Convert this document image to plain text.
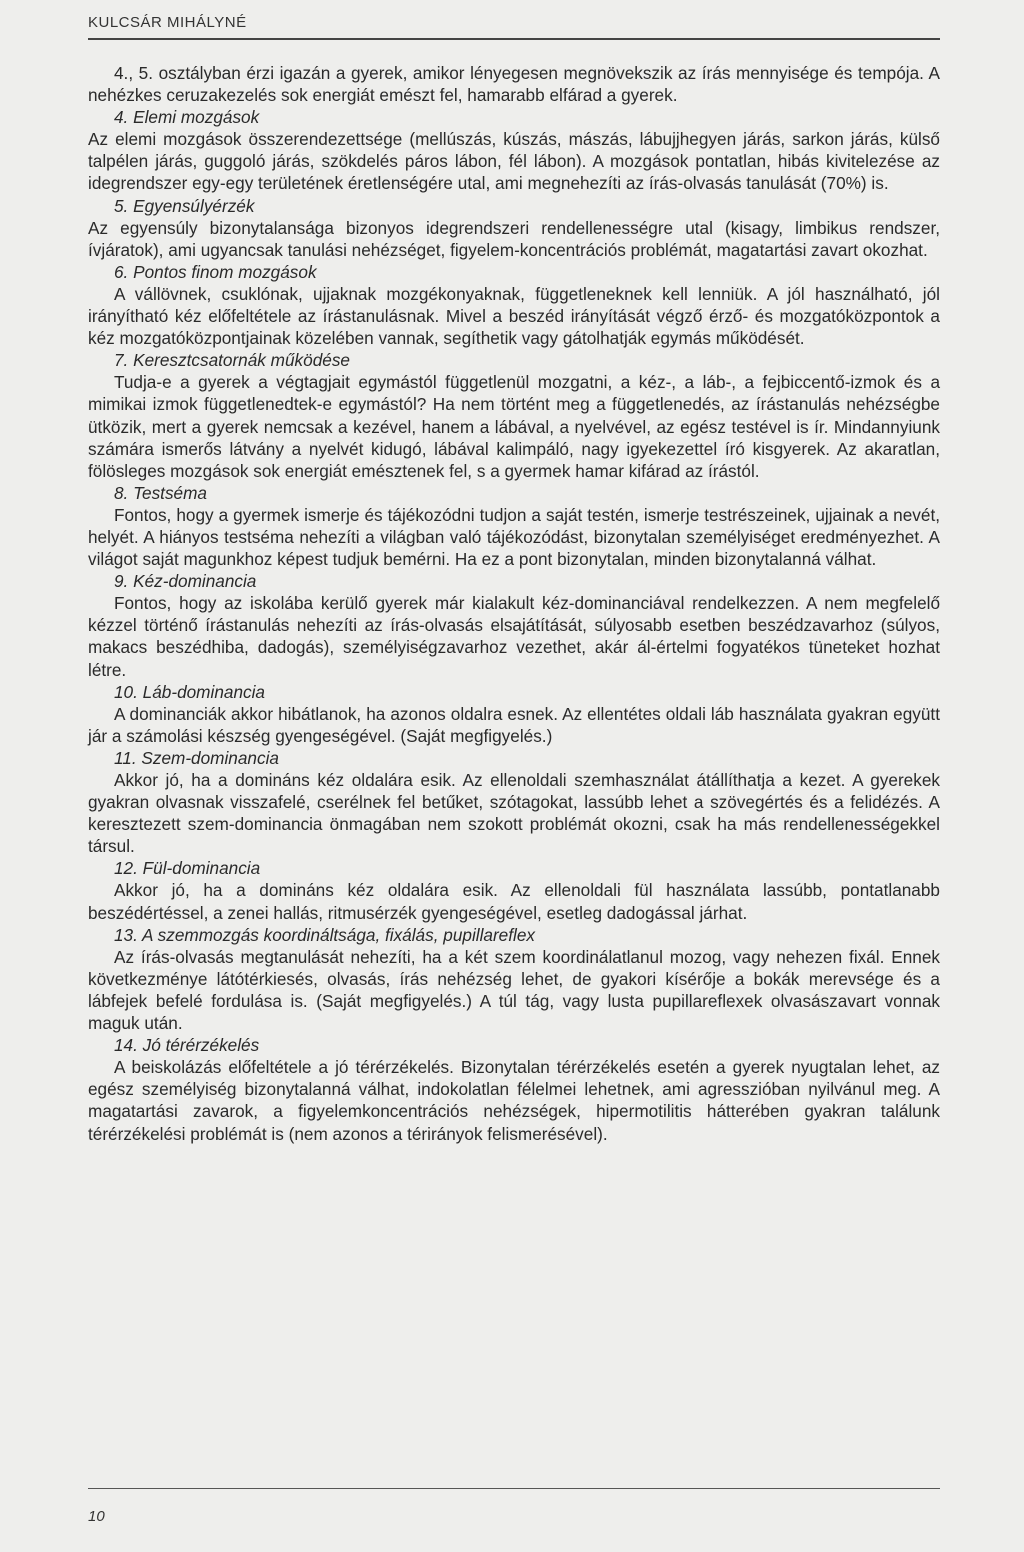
KULCSÁR MIHÁLYNÉ

4., 5. osztályban érzi igazán a gyerek, amikor lényegesen megnövekszik az írás mennyisége és tempója. A nehézkes ceruzakezelés sok energiát emészt fel, hamarabb elfárad a gyerek.

4. Elemi mozgások

Az elemi mozgások összerendezettsége (mellúszás, kúszás, mászás, lábujjhegyen járás, sarkon járás, külső talpélen járás, guggoló járás, szökdelés páros lábon, fél lábon). A mozgások pontatlan, hibás kivitelezése az idegrendszer egy-egy területének éretlenségére utal, ami megnehezíti az írás-olvasás tanulását (70%) is.

5. Egyensúlyérzék

Az egyensúly bizonytalansága bizonyos idegrendszeri rendellenességre utal (kisagy, limbikus rendszer, ívjáratok), ami ugyancsak tanulási nehézséget, figyelem-koncentrációs problémát, magatartási zavart okozhat.

6. Pontos finom mozgások

A vállövnek, csuklónak, ujjaknak mozgékonyaknak, függetleneknek kell lenniük. A jól használható, jól irányítható kéz előfeltétele az írástanulásnak. Mivel a beszéd irányítását végző érző- és mozgatóközpontok a kéz mozgatóközpontjainak közelében vannak, segíthetik vagy gátolhatják egymás működését.

7. Keresztcsatornák működése

Tudja-e a gyerek a végtagjait egymástól függetlenül mozgatni, a kéz-, a láb-, a fejbiccentő-izmok és a mimikai izmok függetlenedtek-e egymástól? Ha nem történt meg a függetlenedés, az írástanulás nehézségbe ütközik, mert a gyerek nemcsak a kezével, hanem a lábával, a nyelvével, az egész testével is ír. Mindannyiunk számára ismerős látvány a nyelvét kidugó, lábával kalimpáló, nagy igyekezettel író kisgyerek. Az akaratlan, fölösleges mozgások sok energiát emésztenek fel, s a gyermek hamar kifárad az írástól.

8. Testséma

Fontos, hogy a gyermek ismerje és tájékozódni tudjon a saját testén, ismerje testrészeinek, ujjainak a nevét, helyét. A hiányos testséma nehezíti a világban való tájékozódást, bizonytalan személyiséget eredményezhet. A világot saját magunkhoz képest tudjuk bemérni. Ha ez a pont bizonytalan, minden bizonytalanná válhat.

9. Kéz-dominancia

Fontos, hogy az iskolába kerülő gyerek már kialakult kéz-dominanciával rendelkezzen. A nem megfelelő kézzel történő írástanulás nehezíti az írás-olvasás elsajátítását, súlyosabb esetben beszédzavarhoz (súlyos, makacs beszédhiba, dadogás), személyiségzavarhoz vezethet, akár ál-értelmi fogyatékos tüneteket hozhat létre.

10. Láb-dominancia

A dominanciák akkor hibátlanok, ha azonos oldalra esnek. Az ellentétes oldali láb használata gyakran együtt jár a számolási készség gyengeségével. (Saját megfigyelés.)

11. Szem-dominancia

Akkor jó, ha a domináns kéz oldalára esik. Az ellenoldali szemhasználat átállíthatja a kezet. A gyerekek gyakran olvasnak visszafelé, cserélnek fel betűket, szótagokat, lassúbb lehet a szövegértés és a felidézés. A keresztezett szem-dominancia önmagában nem szokott problémát okozni, csak ha más rendellenességekkel társul.

12. Fül-dominancia

Akkor jó, ha a domináns kéz oldalára esik. Az ellenoldali fül használata lassúbb, pontatlanabb beszédértéssel, a zenei hallás, ritmusérzék gyengeségével, esetleg dadogással járhat.

13. A szemmozgás koordináltsága, fixálás, pupillareflex

Az írás-olvasás megtanulását nehezíti, ha a két szem koordinálatlanul mozog, vagy nehezen fixál. Ennek következménye látótérkiesés, olvasás, írás nehézség lehet, de gyakori kísérője a bokák merevsége és a lábfejek befelé fordulása is. (Saját megfigyelés.) A túl tág, vagy lusta pupillareflexek olvasászavart vonnak maguk után.

14. Jó térérzékelés

A beiskolázás előfeltétele a jó térérzékelés. Bizonytalan térérzékelés esetén a gyerek nyugtalan lehet, az egész személyiség bizonytalanná válhat, indokolatlan félelmei lehetnek, ami agresszióban nyilvánul meg. A magatartási zavarok, a figyelemkoncentrációs nehézségek, hipermotilitis hátterében gyakran találunk térérzékelési problémát is (nem azonos a térirányok felismerésével).

10
